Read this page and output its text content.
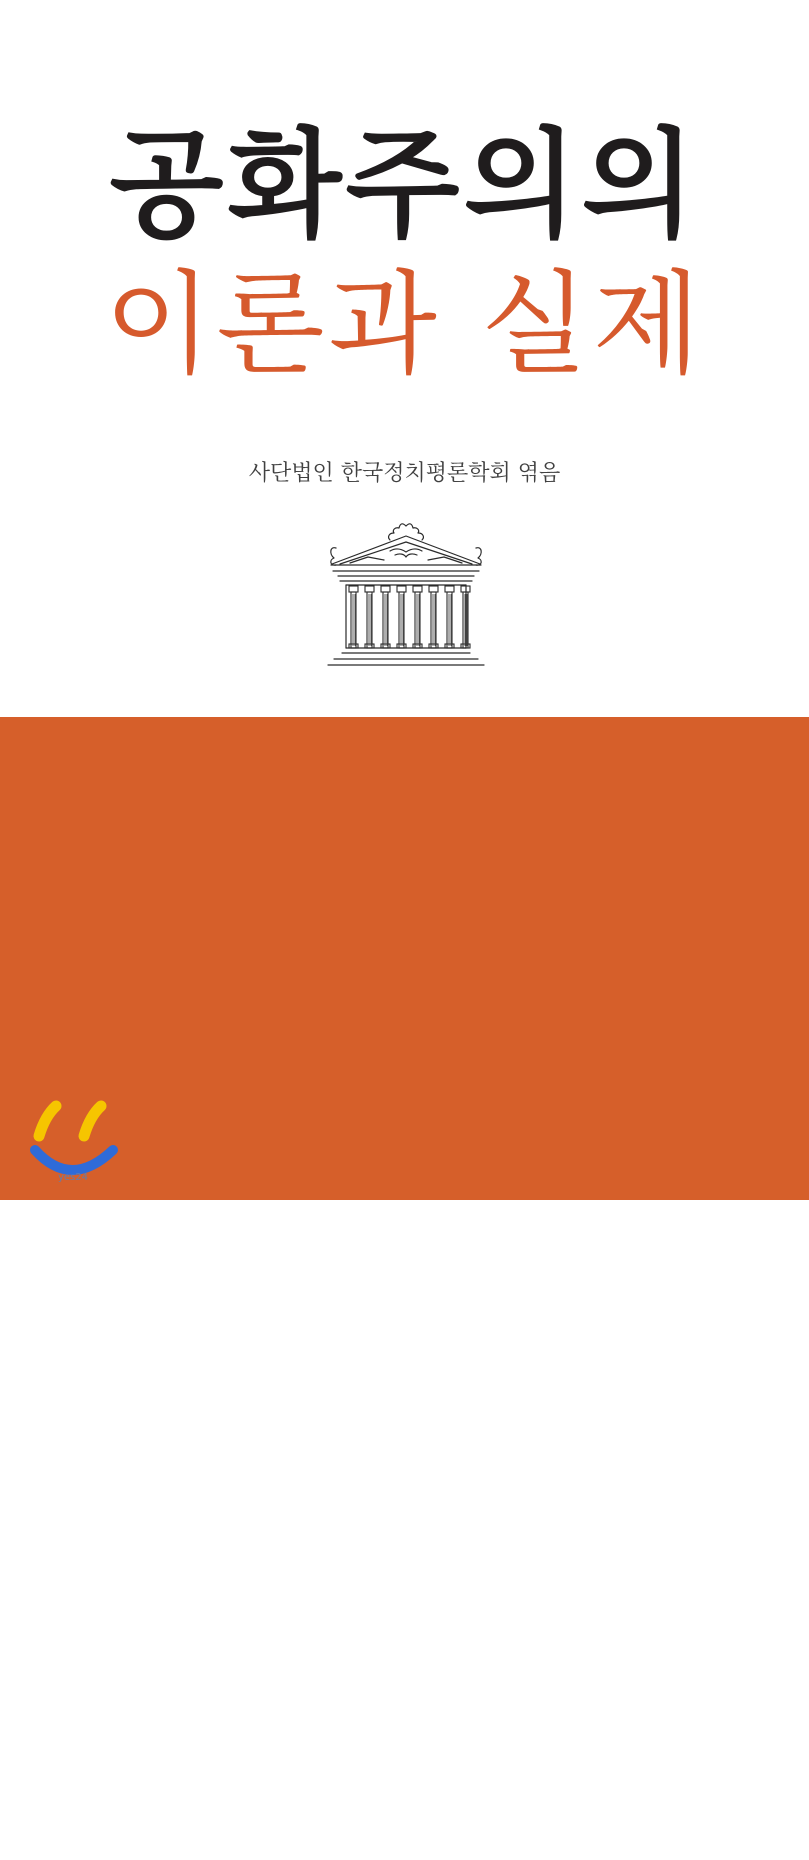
공화주의의
이론과 실제
사단법인 한국정치평론학회 엮음
오늘날의 서구 자유민주주의는 자유주의와 민주주의 외에 공화주의가 함께 어우러진
형태이다. 물론 자유주의, 민주주의, 공화주의 사이에는 차이가 있다. 자유주의는 각
자가 주체로서 외부로부터 간섭받지 않는 것을 최대의 가치로 생각하며, 민주주의는
모든 인민이 주체가 된다는 평등의 관점이 강조되고, 공화주의는 자유를 추구하는 여
러 사람들 사이의 통합을 위해 법치를 중요시 한다는 특징이 있다. 하지만 이 세 관점
은 서로 충돌하는 것이 아니라 상호보완적이다. 왜냐하면 어느 하나의 관점만으로는
정치의 이상을 담아낼 수 없기 때문이다.
인간사랑
yes24
